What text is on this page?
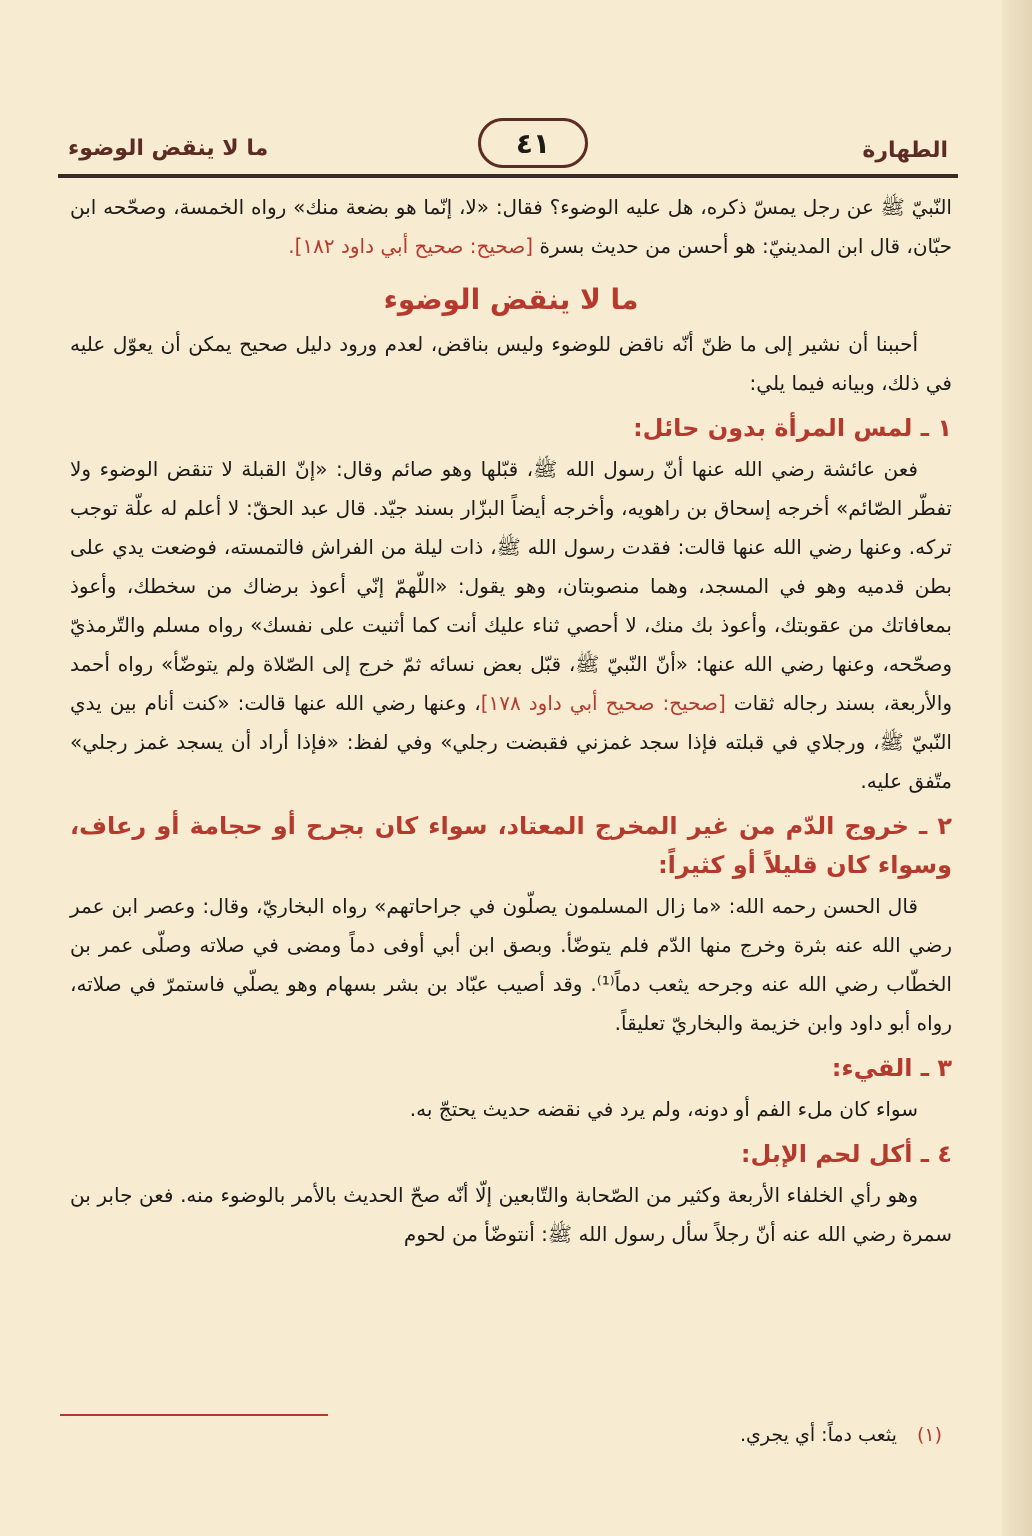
الطهارة
٤١
ما لا ينقض الوضوء

النّبيّ ﷺ عن رجل يمسّ ذكره، هل عليه الوضوء؟ فقال: «لا، إنّما هو بضعة منك» رواه الخمسة، وصحّحه ابن حبّان، قال ابن المدينيّ: هو أحسن من حديث بسرة [صحيح: صحيح أبي داود ١٨٢].

ما لا ينقض الوضوء

أحببنا أن نشير إلى ما ظنّ أنّه ناقض للوضوء وليس بناقض، لعدم ورود دليل صحيح يمكن أن يعوّل عليه في ذلك، وبيانه فيما يلي:

١ ـ لمس المرأة بدون حائل:

فعن عائشة رضي الله عنها أنّ رسول الله ﷺ، قبّلها وهو صائم وقال: «إنّ القبلة لا تنقض الوضوء ولا تفطّر الصّائم» أخرجه إسحاق بن راهويه، وأخرجه أيضاً البزّار بسند جيّد. قال عبد الحقّ: لا أعلم له علّة توجب تركه. وعنها رضي الله عنها قالت: فقدت رسول الله ﷺ، ذات ليلة من الفراش فالتمسته، فوضعت يدي على بطن قدميه وهو في المسجد، وهما منصوبتان، وهو يقول: «اللّهمّ إنّي أعوذ برضاك من سخطك، وأعوذ بمعافاتك من عقوبتك، وأعوذ بك منك، لا أحصي ثناء عليك أنت كما أثنيت على نفسك» رواه مسلم والتّرمذيّ وصحّحه، وعنها رضي الله عنها: «أنّ النّبيّ ﷺ، قبّل بعض نسائه ثمّ خرج إلى الصّلاة ولم يتوضّأ» رواه أحمد والأربعة، بسند رجاله ثقات [صحيح: صحيح أبي داود ١٧٨]، وعنها رضي الله عنها قالت: «كنت أنام بين يدي النّبيّ ﷺ، ورجلاي في قبلته فإذا سجد غمزني فقبضت رجلي» وفي لفظ: «فإذا أراد أن يسجد غمز رجلي» متّفق عليه.

٢ ـ خروج الدّم من غير المخرج المعتاد، سواء كان بجرح أو حجامة أو رعاف، وسواء كان قليلاً أو كثيراً:

قال الحسن رحمه الله: «ما زال المسلمون يصلّون في جراحاتهم» رواه البخاريّ، وقال: وعصر ابن عمر رضي الله عنه بثرة وخرج منها الدّم فلم يتوضّأ. وبصق ابن أبي أوفى دماً ومضى في صلاته وصلّى عمر بن الخطّاب رضي الله عنه وجرحه يثعب دماً⁽¹⁾. وقد أصيب عبّاد بن بشر بسهام وهو يصلّي فاستمرّ في صلاته، رواه أبو داود وابن خزيمة والبخاريّ تعليقاً.

٣ ـ القيء:

سواء كان ملء الفم أو دونه، ولم يرد في نقضه حديث يحتجّ به.

٤ ـ أكل لحم الإبل:

وهو رأي الخلفاء الأربعة وكثير من الصّحابة والتّابعين إلّا أنّه صحّ الحديث بالأمر بالوضوء منه. فعن جابر بن سمرة رضي الله عنه أنّ رجلاً سأل رسول الله ﷺ: أنتوضّأ من لحوم

(١) يثعب دماً: أي يجري.
